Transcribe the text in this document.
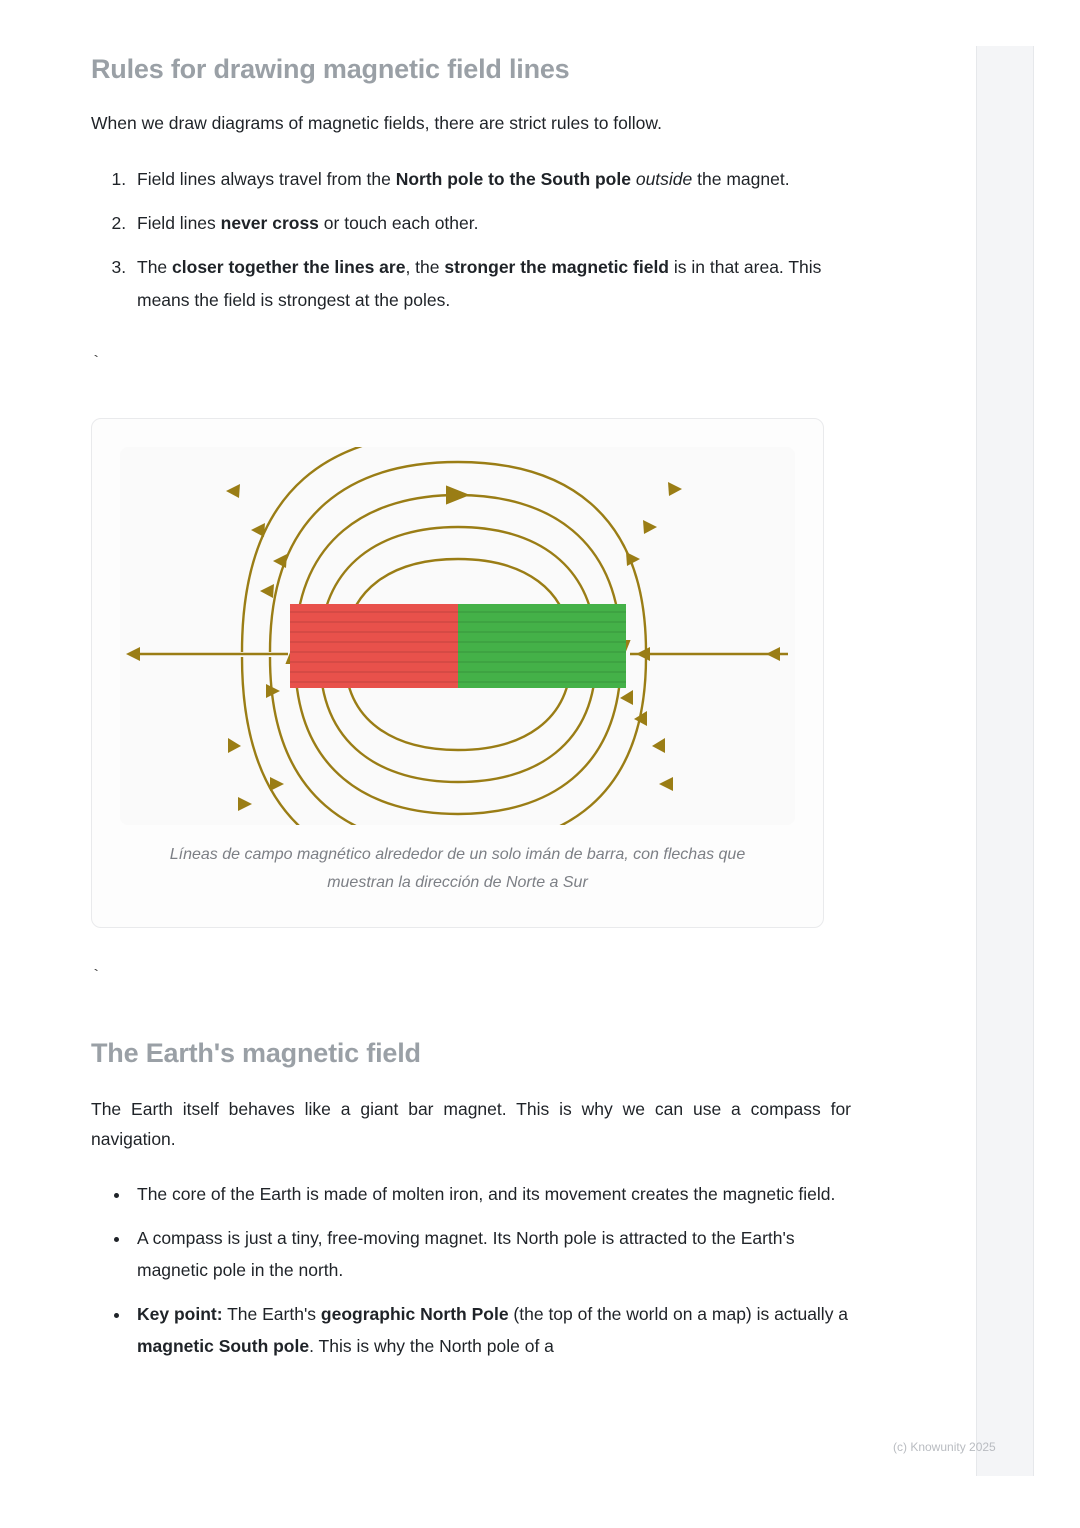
Rules for drawing magnetic field lines

When we draw diagrams of magnetic fields, there are strict rules to follow.

1. Field lines always travel from the North pole to the South pole outside the magnet.
2. Field lines never cross or touch each other.
3. The closer together the lines are, the stronger the magnetic field is in that area. This means the field is strongest at the poles.
`
Líneas de campo magnético alrededor de un solo imán de barra, con flechas que muestran la dirección de Norte a Sur
`
The Earth's magnetic field

The Earth itself behaves like a giant bar magnet. This is why we can use a compass for navigation.

• The core of the Earth is made of molten iron, and its movement creates the magnetic field.
• A compass is just a tiny, free-moving magnet. Its North pole is attracted to the Earth's magnetic pole in the north.
• Key point: The Earth's geographic North Pole (the top of the world on a map) is actually a magnetic South pole. This is why the North pole of a
(c) Knowunity 2025
